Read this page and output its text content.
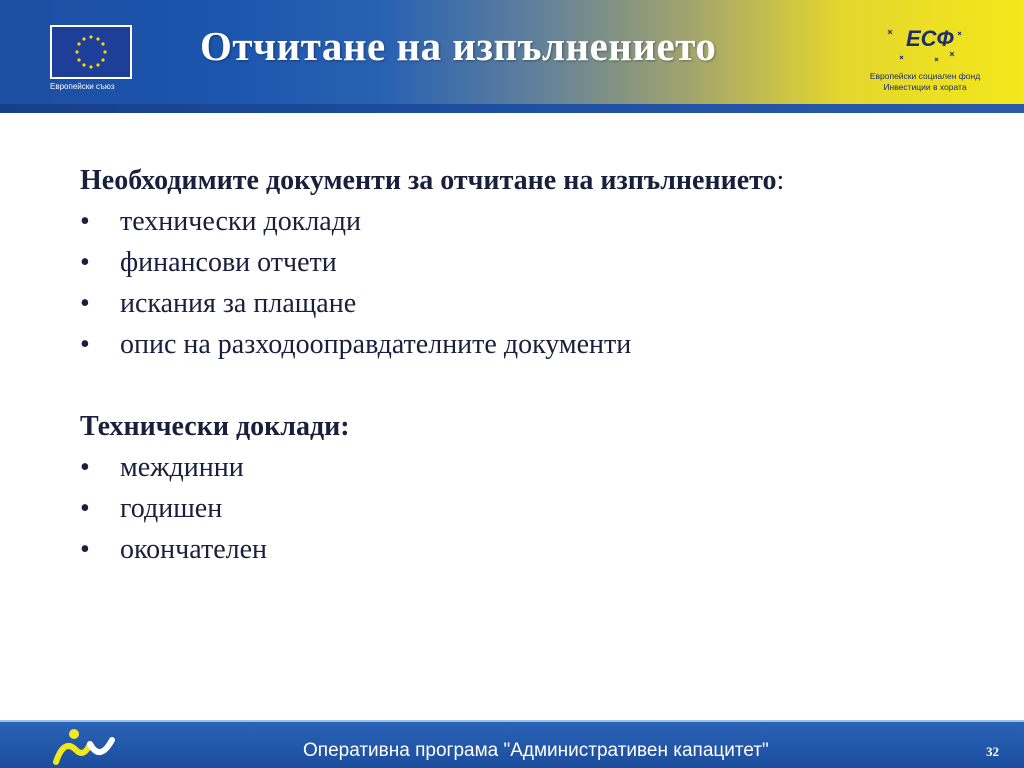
Европейски съюз
Отчитане на изпълнението	ЕСФ
Европейски социален фонд
Инвестиции в хората
Необходимите документи за отчитане на изпълнението:
• технически доклади
• финансови отчети
• искания за плащане
• опис на разходооправдателните документи
Технически доклади:
• междинни
• годишен
• окончателен
Оперативна програма "Административен капацитет"	32
